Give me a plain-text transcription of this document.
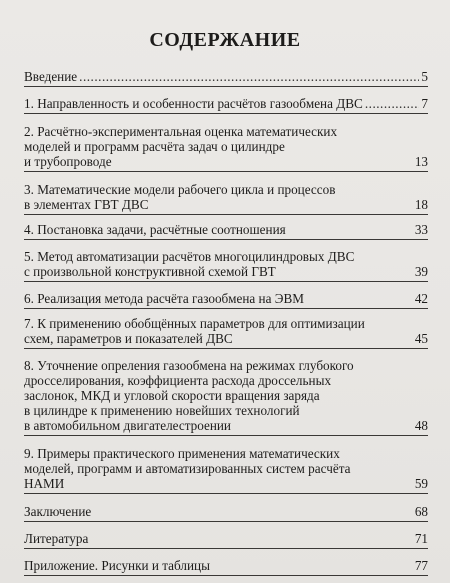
СОДЕРЖАНИЕ
Введение .....	5
1. Направленность и особенности расчётов газообмена ДВС .....	7
2. Расчётно-экспериментальная оценка математических
моделей и программ расчёта задач о цилиндре
и трубопроводе	13
3. Математические модели рабочего цикла и процессов
в элементах ГВТ ДВС	18
4. Постановка задачи, расчётные соотношения	33
5. Метод автоматизации расчётов многоцилиндровых ДВС
с произвольной конструктивной схемой ГВТ	39
6. Реализация метода расчёта газообмена на ЭВМ	42
7. К применению обобщённых параметров для оптимизации
схем, параметров и показателей ДВС	45
8. Уточнение опреления газообмена на режимах глубокого
дросселирования, коэффициента расхода дроссельных
заслонок, МКД и угловой скорости вращения заряда
в цилиндре к применению новейших технологий
в автомобильном двигателестроении	48
9. Примеры практического применения математических
моделей, программ и автоматизированных систем расчёта
НАМИ	59
Заключение	68
Литература	71
Приложение. Рисунки и таблицы	77
